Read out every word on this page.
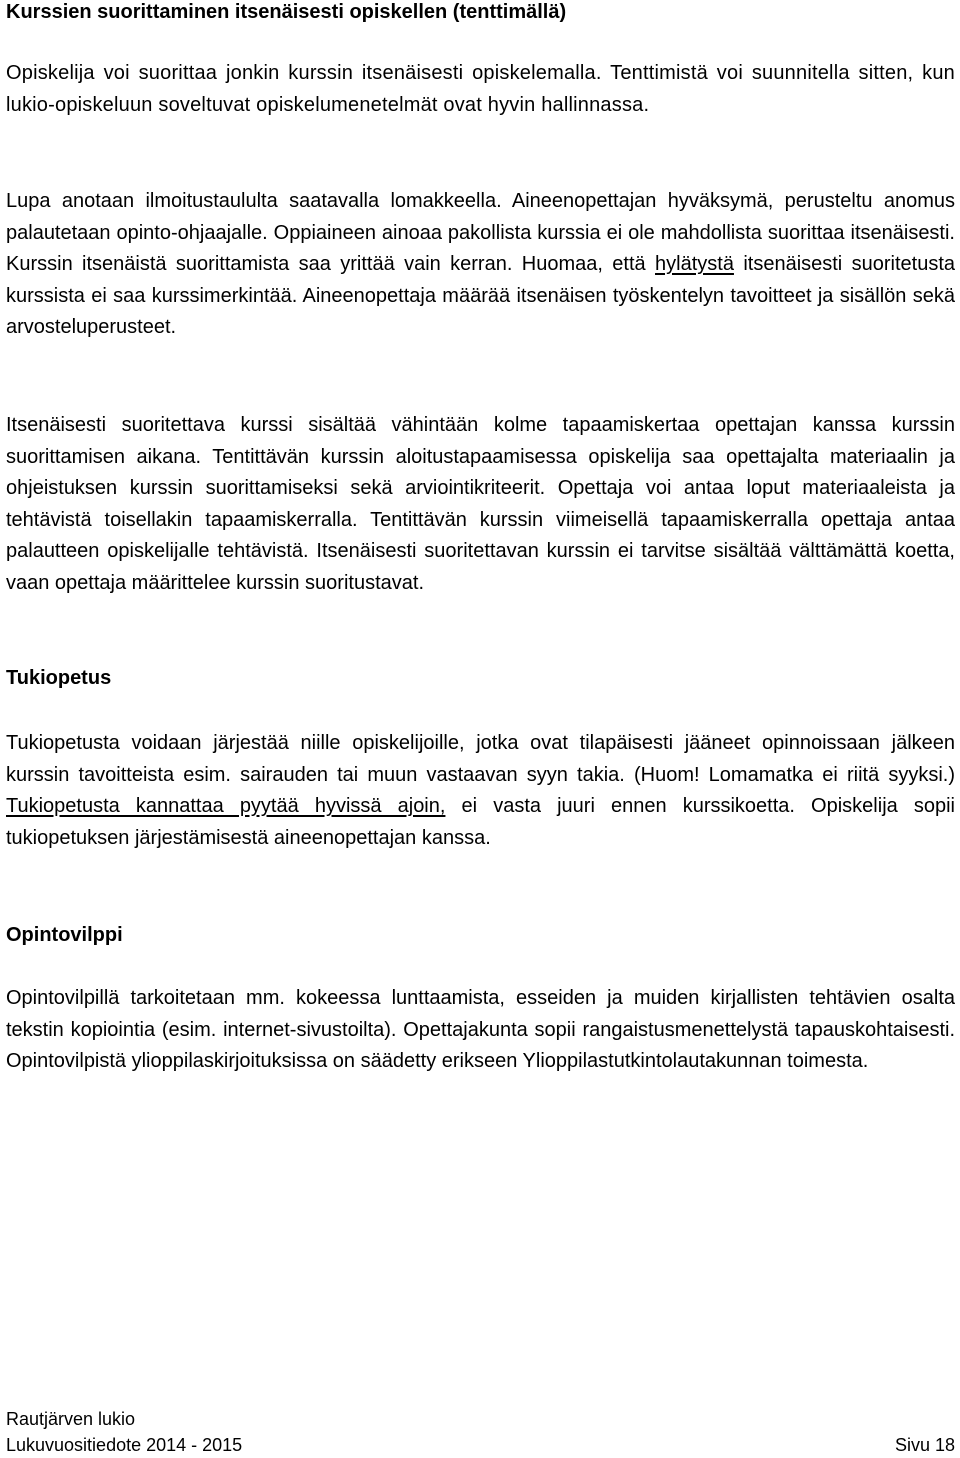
Kurssien suorittaminen itsenäisesti opiskellen (tenttimällä)

Opiskelija voi suorittaa jonkin kurssin itsenäisesti opiskelemalla. Tenttimistä voi suunnitella sitten, kun lukio-opiskeluun soveltuvat opiskelumenetelmät ovat hyvin hallinnassa.

Lupa anotaan ilmoitustaululta saatavalla lomakkeella. Aineenopettajan hyväksymä, perusteltu anomus palautetaan opinto-ohjaajalle. Oppiaineen ainoaa pakollista kurssia ei ole mahdollista suorittaa itsenäisesti. Kurssin itsenäistä suorittamista saa yrittää vain kerran. Huomaa, että hylätystä itsenäisesti suoritetusta kurssista ei saa kurssimerkintää. Aineenopettaja määrää itsenäisen työskentelyn tavoitteet ja sisällön sekä arvosteluperusteet.

Itsenäisesti suoritettava kurssi sisältää vähintään kolme tapaamiskertaa opettajan kanssa kurssin suorittamisen aikana. Tentittävän kurssin aloitustapaamisessa opiskelija saa opettajalta materiaalin ja ohjeistuksen kurssin suorittamiseksi sekä arviointikriteerit. Opettaja voi antaa loput materiaaleista ja tehtävistä toisellakin tapaamiskerralla. Tentittävän kurssin viimeisellä tapaamiskerralla opettaja antaa palautteen opiskelijalle tehtävistä. Itsenäisesti suoritettavan kurssin ei tarvitse sisältää välttämättä koetta, vaan opettaja määrittelee kurssin suoritustavat.

Tukiopetus

Tukiopetusta voidaan järjestää niille opiskelijoille, jotka ovat tilapäisesti jääneet opinnoissaan jälkeen kurssin tavoitteista esim. sairauden tai muun vastaavan syyn takia. (Huom! Lomamatka ei riitä syyksi.) Tukiopetusta kannattaa pyytää hyvissä ajoin, ei vasta juuri ennen kurssikoetta. Opiskelija sopii tukiopetuksen järjestämisestä aineenopettajan kanssa.

Opintovilppi

Opintovilpillä tarkoitetaan mm. kokeessa lunttaamista, esseiden ja muiden kirjallisten tehtävien osalta tekstin kopiointia (esim. internet-sivustoilta). Opettajakunta sopii rangaistusmenettelystä tapauskohtaisesti. Opintovilpistä ylioppilaskirjoituksissa on säädetty erikseen Ylioppilastutkintolautakunnan toimesta.

Rautjärven lukio
Lukuvuositiedote 2014 - 2015	Sivu 18
